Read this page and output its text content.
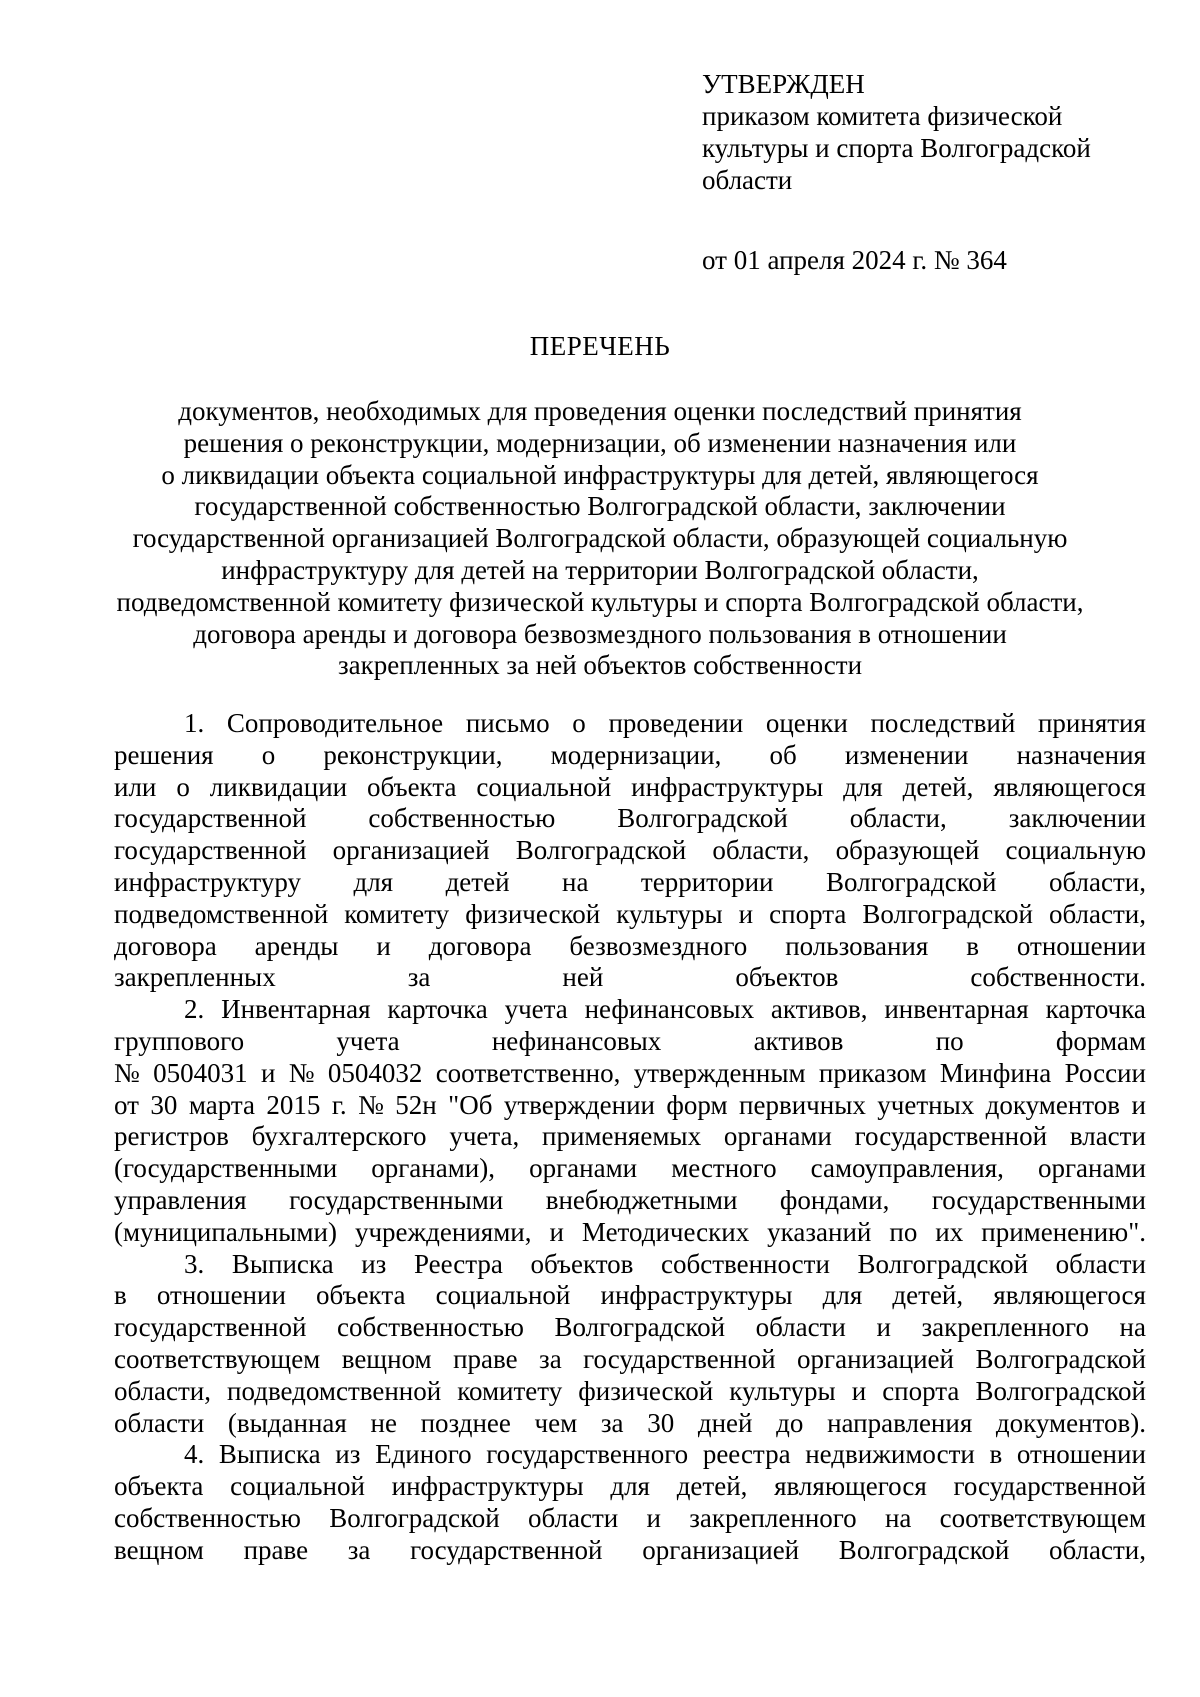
УТВЕРЖДЕН
приказом комитета физической
культуры и спорта Волгоградской
области
от 01 апреля 2024 г. № 364
ПЕРЕЧЕНЬ
документов, необходимых для проведения оценки последствий принятия
решения о реконструкции, модернизации, об изменении назначения или
о ликвидации объекта социальной инфраструктуры для детей, являющегося
государственной собственностью Волгоградской области, заключении
государственной организацией Волгоградской области, образующей социальную
инфраструктуру для детей на территории Волгоградской области,
подведомственной комитету физической культуры и спорта Волгоградской области,
договора аренды и договора безвозмездного пользования в отношении
закрепленных за ней объектов собственности
1. Сопроводительное письмо о проведении оценки последствий принятия
решения о реконструкции, модернизации, об изменении назначения
или о ликвидации объекта социальной инфраструктуры для детей, являющегося
государственной собственностью Волгоградской области, заключении
государственной организацией Волгоградской области, образующей социальную
инфраструктуру для детей на территории Волгоградской области,
подведомственной комитету физической культуры и спорта Волгоградской области,
договора аренды и договора безвозмездного пользования в отношении
закрепленных за ней объектов собственности.
2. Инвентарная карточка учета нефинансовых активов, инвентарная карточка
группового	учета	нефинансовых	активов	по	формам
№ 0504031 и № 0504032 соответственно, утвержденным приказом Минфина России
от 30 марта 2015 г. № 52н "Об утверждении форм первичных учетных документов и
регистров бухгалтерского учета, применяемых органами государственной власти
(государственными органами), органами местного самоуправления, органами
управления государственными внебюджетными фондами, государственными
(муниципальными) учреждениями, и Методических указаний по их применению".
3. Выписка из Реестра объектов собственности Волгоградской области
в отношении объекта социальной инфраструктуры для детей, являющегося
государственной собственностью Волгоградской области и закрепленного на
соответствующем вещном праве за государственной организацией Волгоградской
области, подведомственной комитету физической культуры и спорта Волгоградской
области (выданная не позднее чем за 30 дней до направления документов).
4. Выписка из Единого государственного реестра недвижимости в отношении
объекта социальной инфраструктуры для детей, являющегося государственной
собственностью Волгоградской области и закрепленного на соответствующем
вещном праве за государственной организацией Волгоградской области,
